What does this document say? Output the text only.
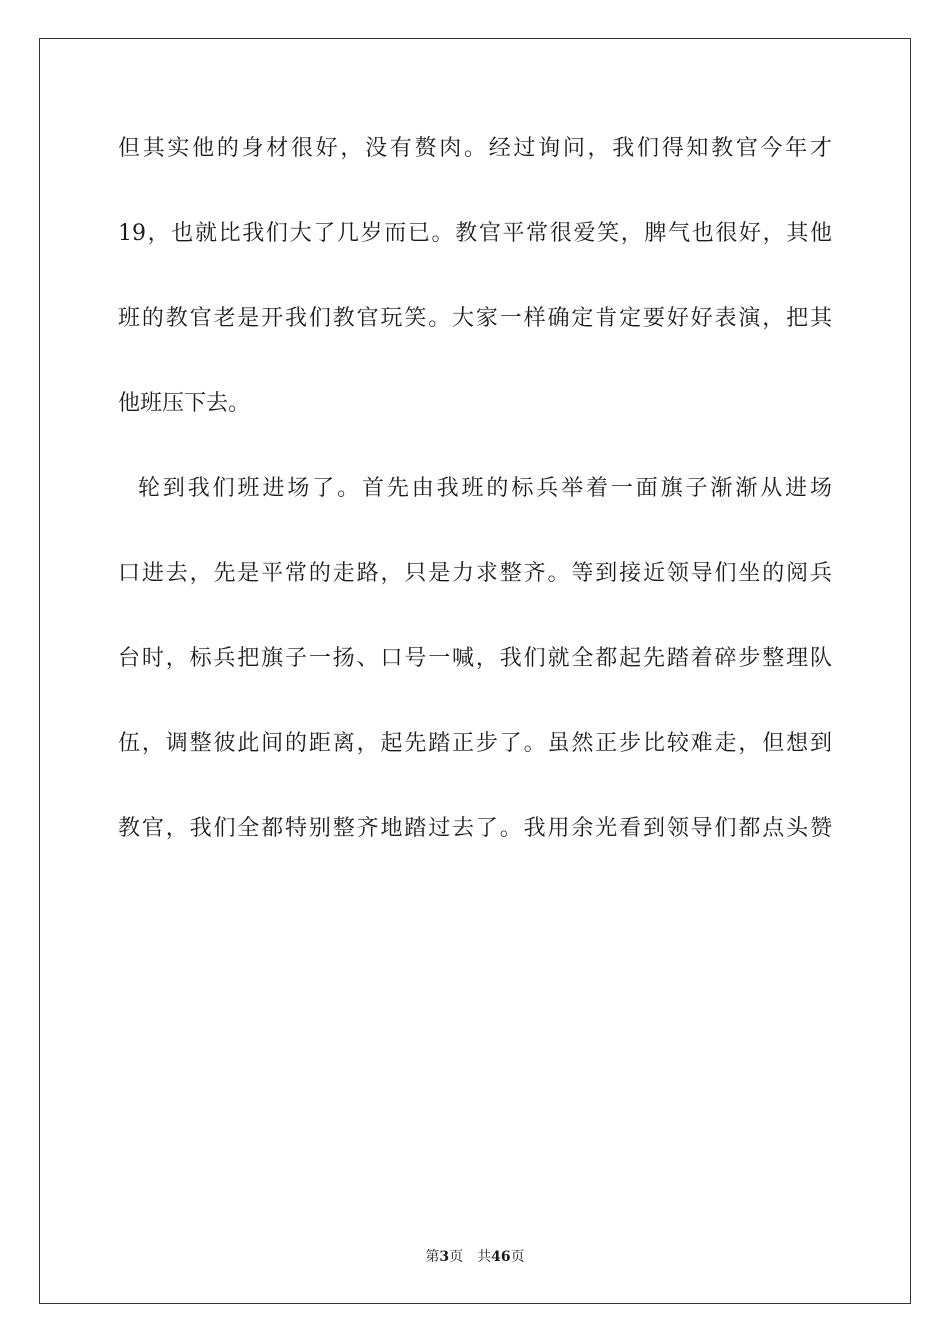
但其实他的身材很好，没有赘肉。经过询问，我们得知教官今年才
19，也就比我们大了几岁而已。教官平常很爱笑，脾气也很好，其他
班的教官老是开我们教官玩笑。大家一样确定肯定要好好表演，把其
他班压下去。
轮到我们班进场了。首先由我班的标兵举着一面旗子渐渐从进场
口进去，先是平常的走路，只是力求整齐。等到接近领导们坐的阅兵
台时，标兵把旗子一扬、口号一喊，我们就全都起先踏着碎步整理队
伍，调整彼此间的距离，起先踏正步了。虽然正步比较难走，但想到
教官，我们全都特别整齐地踏过去了。我用余光看到领导们都点头赞
第3页 共46页
